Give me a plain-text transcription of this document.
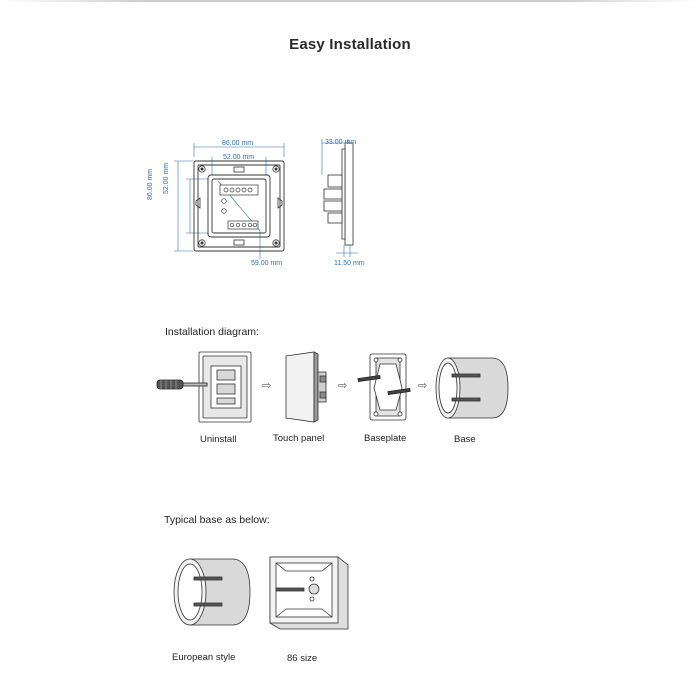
Easy Installation
86.00 mm
52.00 mm
86.00 mm 52.00 mm
59.00 mm
33.00 mm
11.50 mm
Installation diagram:
Uninstall
⇨
Touch panel
⇨
Baseplate
⇨
Base
Typical base as below:
European style	86 size
